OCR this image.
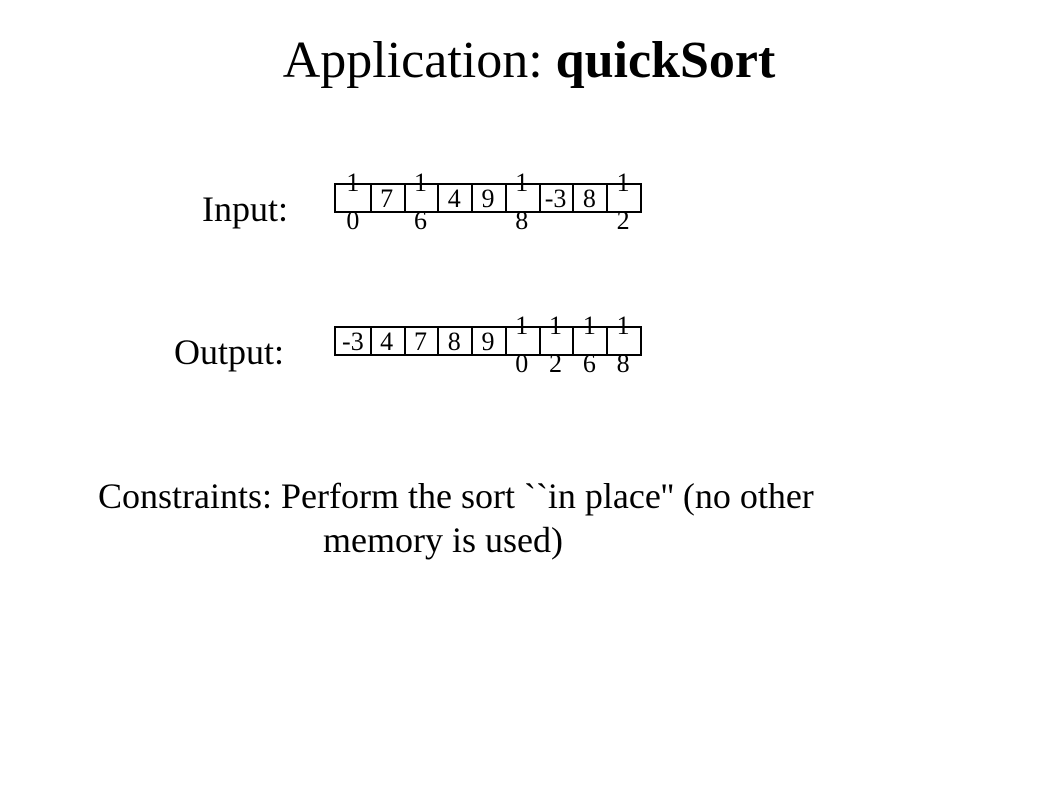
Application: quickSort
Input:
1
0
7
1
6
4 9
1
8
-3 8
1
2
Output: -3 4 7 8 9
1
0
1
2
1
6
1
8
Constraints: Perform the sort ``in place'' (no other
memory is used)
